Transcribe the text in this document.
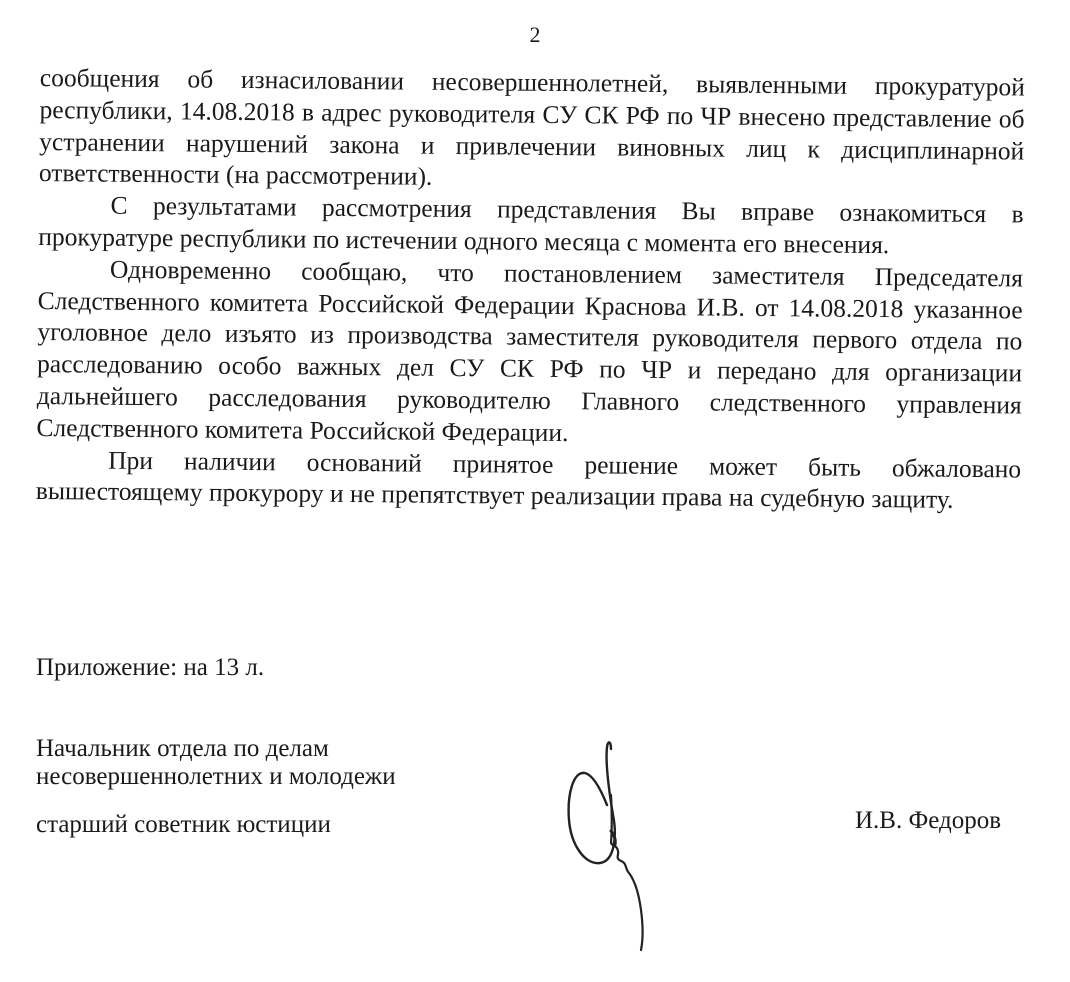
2

сообщения об изнасиловании несовершеннолетней, выявленными прокуратурой республики, 14.08.2018 в адрес руководителя СУ СК РФ по ЧР внесено представление об устранении нарушений закона и привлечении виновных лиц к дисциплинарной ответственности (на рассмотрении).

С результатами рассмотрения представления Вы вправе ознакомиться в прокуратуре республики по истечении одного месяца с момента его внесения.

Одновременно сообщаю, что постановлением заместителя Председателя Следственного комитета Российской Федерации Краснова И.В. от 14.08.2018 указанное уголовное дело изъято из производства заместителя руководителя первого отдела по расследованию особо важных дел СУ СК РФ по ЧР и передано для организации дальнейшего расследования руководителю Главного следственного управления Следственного комитета Российской Федерации.

При наличии оснований принятое решение может быть обжаловано вышестоящему прокурору и не препятствует реализации права на судебную защиту.

Приложение: на 13 л.
Начальник отдела по делам
несовершеннолетних и молодежи
старший советник юстиции	И.В. Федоров
